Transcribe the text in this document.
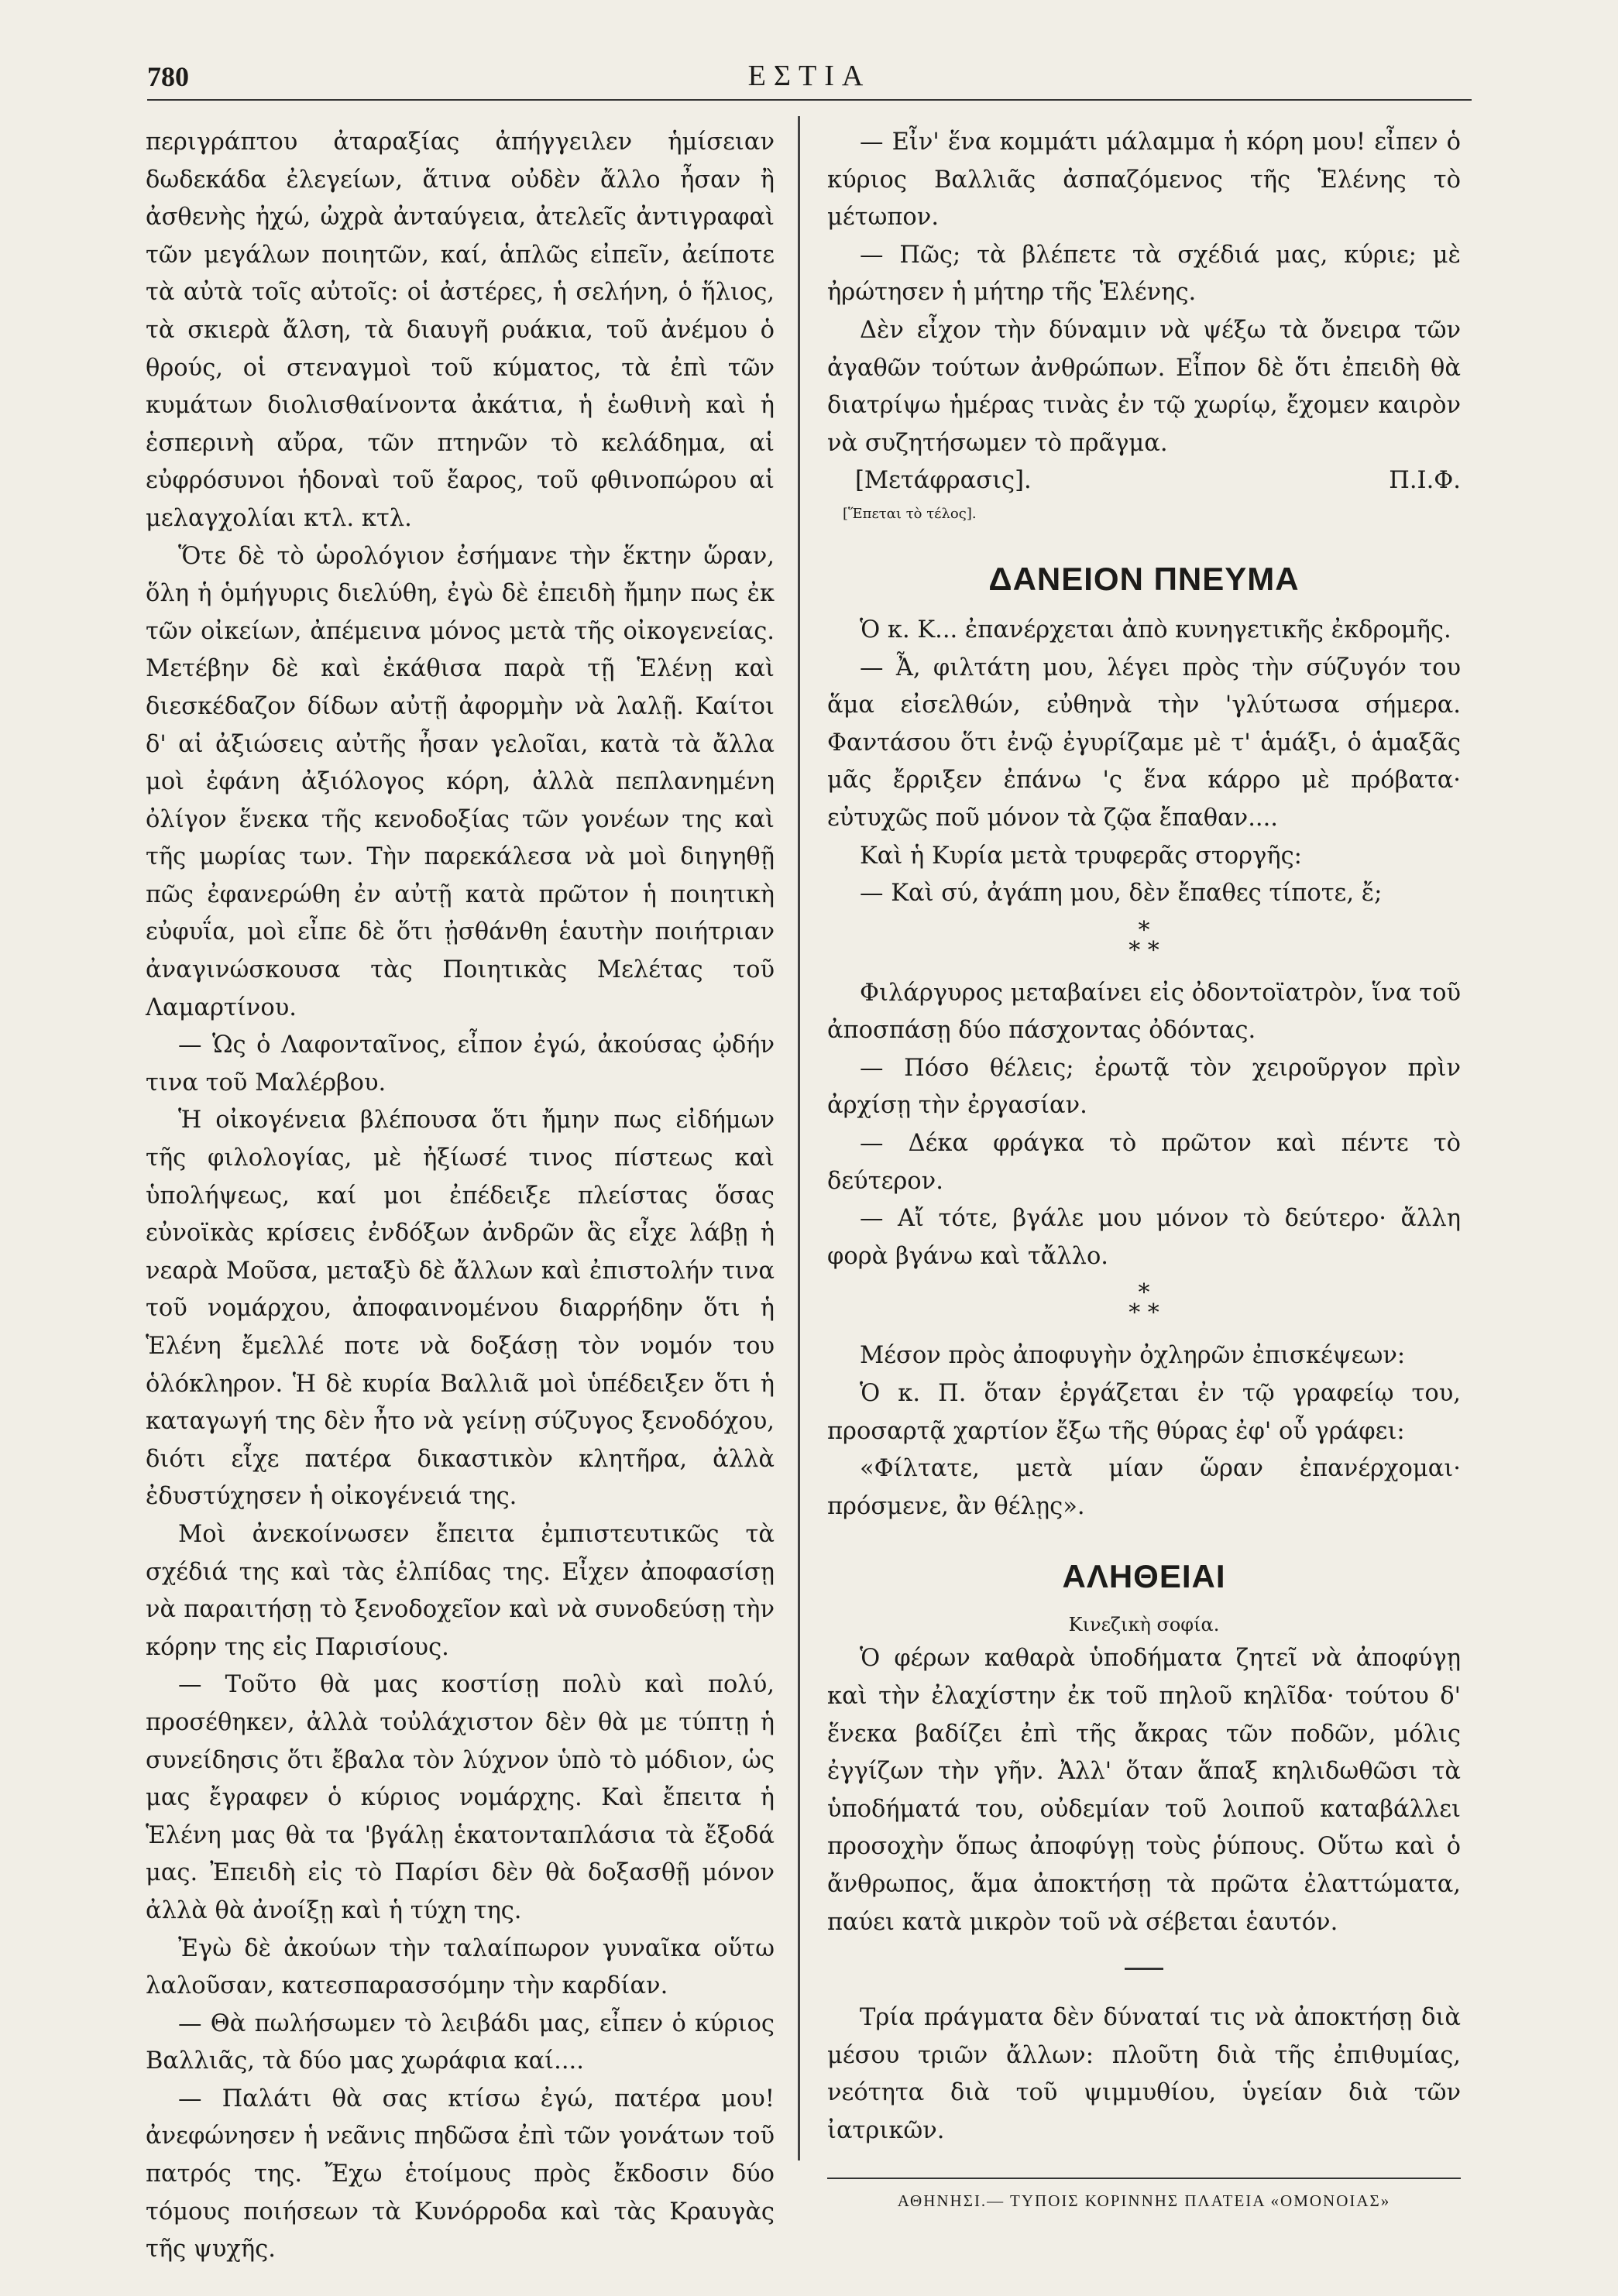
780	ΕΣΤΙΑ

περιγράπτου ἀταραξίας ἀπήγγειλεν ἡμίσειαν δωδεκάδα ἐλεγείων, ἅτινα οὐδὲν ἄλλο ἦσαν ἢ ἀσθενὴς ἠχώ, ὠχρὰ ἀνταύγεια, ἀτελεῖς ἀντιγραφαὶ τῶν μεγάλων ποιητῶν, καί, ἁπλῶς εἰπεῖν, ἀείποτε τὰ αὐτὰ τοῖς αὐτοῖς: οἱ ἀστέρες, ἡ σελήνη, ὁ ἥλιος, τὰ σκιερὰ ἄλση, τὰ διαυγῆ ρυάκια, τοῦ ἀνέμου ὁ θρούς, οἱ στεναγμοὶ τοῦ κύματος, τὰ ἐπὶ τῶν κυμάτων διολισθαίνοντα ἀκάτια, ἡ ἑωθινὴ καὶ ἡ ἑσπερινὴ αὔρα, τῶν πτηνῶν τὸ κελάδημα, αἱ εὐφρόσυνοι ἡδοναὶ τοῦ ἔαρος, τοῦ φθινοπώρου αἱ μελαγχολίαι κτλ. κτλ.

Ὅτε δὲ τὸ ὡρολόγιον ἐσήμανε τὴν ἕκτην ὥραν, ὅλη ἡ ὁμήγυρις διελύθη, ἐγὼ δὲ ἐπειδὴ ἤμην πως ἐκ τῶν οἰκείων, ἀπέμεινα μόνος μετὰ τῆς οἰκογενείας. Μετέβην δὲ καὶ ἐκάθισα παρὰ τῇ Ἑλένῃ καὶ διεσκέδαζον δίδων αὐτῇ ἀφορμὴν νὰ λαλῇ. Καίτοι δ' αἱ ἀξιώσεις αὐτῆς ἦσαν γελοῖαι, κατὰ τὰ ἄλλα μοὶ ἐφάνη ἀξιόλογος κόρη, ἀλλὰ πεπλανημένη ὀλίγον ἕνεκα τῆς κενοδοξίας τῶν γονέων της καὶ τῆς μωρίας των. Τὴν παρεκάλεσα νὰ μοὶ διηγηθῇ πῶς ἐφανερώθη ἐν αὐτῇ κατὰ πρῶτον ἡ ποιητικὴ εὐφυΐα, μοὶ εἶπε δὲ ὅτι ᾐσθάνθη ἑαυτὴν ποιήτριαν ἀναγινώσκουσα τὰς Ποιητικὰς Μελέτας τοῦ Λαμαρτίνου.

— Ὡς ὁ Λαφονταῖνος, εἶπον ἐγώ, ἀκούσας ᾠδήν τινα τοῦ Μαλέρβου.

Ἡ οἰκογένεια βλέπουσα ὅτι ἤμην πως εἰδήμων τῆς φιλολογίας, μὲ ἠξίωσέ τινος πίστεως καὶ ὑπολήψεως, καί μοι ἐπέδειξε πλείστας ὅσας εὐνοϊκὰς κρίσεις ἐνδόξων ἀνδρῶν ἃς εἶχε λάβῃ ἡ νεαρὰ Μοῦσα, μεταξὺ δὲ ἄλλων καὶ ἐπιστολήν τινα τοῦ νομάρχου, ἀποφαινομένου διαρρήδην ὅτι ἡ Ἑλένη ἔμελλέ ποτε νὰ δοξάσῃ τὸν νομόν του ὁλόκληρον. Ἡ δὲ κυρία Βαλλιᾶ μοὶ ὑπέδειξεν ὅτι ἡ καταγωγή της δὲν ἦτο νὰ γείνῃ σύζυγος ξενοδόχου, διότι εἶχε πατέρα δικαστικὸν κλητῆρα, ἀλλὰ ἐδυστύχησεν ἡ οἰκογένειά της.

Μοὶ ἀνεκοίνωσεν ἔπειτα ἐμπιστευτικῶς τὰ σχέδιά της καὶ τὰς ἐλπίδας της. Εἶχεν ἀποφασίσῃ νὰ παραιτήσῃ τὸ ξενοδοχεῖον καὶ νὰ συνοδεύσῃ τὴν κόρην της εἰς Παρισίους.

— Τοῦτο θὰ μας κοστίσῃ πολὺ καὶ πολύ, προσέθηκεν, ἀλλὰ τοὐλάχιστον δὲν θὰ με τύπτῃ ἡ συνείδησις ὅτι ἔβαλα τὸν λύχνον ὑπὸ τὸ μόδιον, ὡς μας ἔγραφεν ὁ κύριος νομάρχης. Καὶ ἔπειτα ἡ Ἑλένη μας θὰ τα 'βγάλῃ ἑκατονταπλάσια τὰ ἔξοδά μας. Ἐπειδὴ εἰς τὸ Παρίσι δὲν θὰ δοξασθῇ μόνον ἀλλὰ θὰ ἀνοίξῃ καὶ ἡ τύχη της.

Ἐγὼ δὲ ἀκούων τὴν ταλαίπωρον γυναῖκα οὕτω λαλοῦσαν, κατεσπαρασσόμην τὴν καρδίαν.

— Θὰ πωλήσωμεν τὸ λειβάδι μας, εἶπεν ὁ κύριος Βαλλιᾶς, τὰ δύο μας χωράφια καί....

— Παλάτι θὰ σας κτίσω ἐγώ, πατέρα μου! ἀνεφώνησεν ἡ νεᾶνις πηδῶσα ἐπὶ τῶν γονάτων τοῦ πατρός της. Ἔχω ἑτοίμους πρὸς ἔκδοσιν δύο τόμους ποιήσεων τὰ Κυνόρροδα καὶ τὰς Κραυγὰς τῆς ψυχῆς.

— Εἶν' ἕνα κομμάτι μάλαμμα ἡ κόρη μου! εἶπεν ὁ κύριος Βαλλιᾶς ἀσπαζόμενος τῆς Ἑλένης τὸ μέτωπον.

— Πῶς; τὰ βλέπετε τὰ σχέδιά μας, κύριε; μὲ ἠρώτησεν ἡ μήτηρ τῆς Ἑλένης.

Δὲν εἶχον τὴν δύναμιν νὰ ψέξω τὰ ὄνειρα τῶν ἀγαθῶν τούτων ἀνθρώπων. Εἶπον δὲ ὅτι ἐπειδὴ θὰ διατρίψω ἡμέρας τινὰς ἐν τῷ χωρίῳ, ἔχομεν καιρὸν νὰ συζητήσωμεν τὸ πρᾶγμα.

[Μετάφρασις].	Π.Ι.Φ.
[Ἕπεται τὸ τέλος].
ΔΑΝΕΙΟΝ ΠΝΕΥΜΑ

Ὁ κ. Κ... ἐπανέρχεται ἀπὸ κυνηγετικῆς ἐκδρομῆς.

— Ἆ, φιλτάτη μου, λέγει πρὸς τὴν σύζυγόν του ἅμα εἰσελθών, εὐθηνὰ τὴν 'γλύτωσα σήμερα. Φαντάσου ὅτι ἐνῷ ἐγυρίζαμε μὲ τ' ἁμάξι, ὁ ἁμαξᾶς μᾶς ἔρριξεν ἐπάνω 'ς ἕνα κάρρο μὲ πρόβατα· εὐτυχῶς ποῦ μόνον τὰ ζῷα ἔπαθαν....

Καὶ ἡ Κυρία μετὰ τρυφερᾶς στοργῆς:

— Καὶ σύ, ἀγάπη μου, δὲν ἔπαθες τίποτε, ἔ;

*
* *

Φιλάργυρος μεταβαίνει εἰς ὀδοντοϊατρὸν, ἵνα τοῦ ἀποσπάσῃ δύο πάσχοντας ὀδόντας.

— Πόσο θέλεις; ἐρωτᾷ τὸν χειροῦργον πρὶν ἀρχίσῃ τὴν ἐργασίαν.

— Δέκα φράγκα τὸ πρῶτον καὶ πέντε τὸ δεύτερον.

— Αἴ τότε, βγάλε μου μόνον τὸ δεύτερο· ἄλλη φορὰ βγάνω καὶ τἄλλο.

*
* *

Μέσον πρὸς ἀποφυγὴν ὀχληρῶν ἐπισκέψεων:

Ὁ κ. Π. ὅταν ἐργάζεται ἐν τῷ γραφείῳ του, προσαρτᾷ χαρτίον ἔξω τῆς θύρας ἐφ' οὗ γράφει:

«Φίλτατε, μετὰ μίαν ὥραν ἐπανέρχομαι· πρόσμενε, ἂν θέλῃς».

ΑΛΗΘΕΙΑΙ
Κινεζικὴ σοφία.

Ὁ φέρων καθαρὰ ὑποδήματα ζητεῖ νὰ ἀποφύγῃ καὶ τὴν ἐλαχίστην ἐκ τοῦ πηλοῦ κηλῖδα· τούτου δ' ἕνεκα βαδίζει ἐπὶ τῆς ἄκρας τῶν ποδῶν, μόλις ἐγγίζων τὴν γῆν. Ἀλλ' ὅταν ἅπαξ κηλιδωθῶσι τὰ ὑποδήματά του, οὐδεμίαν τοῦ λοιποῦ καταβάλλει προσοχὴν ὅπως ἀποφύγῃ τοὺς ῥύπους. Οὕτω καὶ ὁ ἄνθρωπος, ἅμα ἀποκτήσῃ τὰ πρῶτα ἐλαττώματα, παύει κατὰ μικρὸν τοῦ νὰ σέβεται ἑαυτόν.

Τρία πράγματα δὲν δύναταί τις νὰ ἀποκτήσῃ διὰ μέσου τριῶν ἄλλων: πλοῦτη διὰ τῆς ἐπιθυμίας, νεότητα διὰ τοῦ ψιμμυθίου, ὑγείαν διὰ τῶν ἰατρικῶν.

ΑΘΗΝΗΣΙ.— ΤΥΠΟΙΣ ΚΟΡΙΝΝΗΣ ΠΛΑΤΕΙΑ «ΟΜΟΝΟΙΑΣ»
